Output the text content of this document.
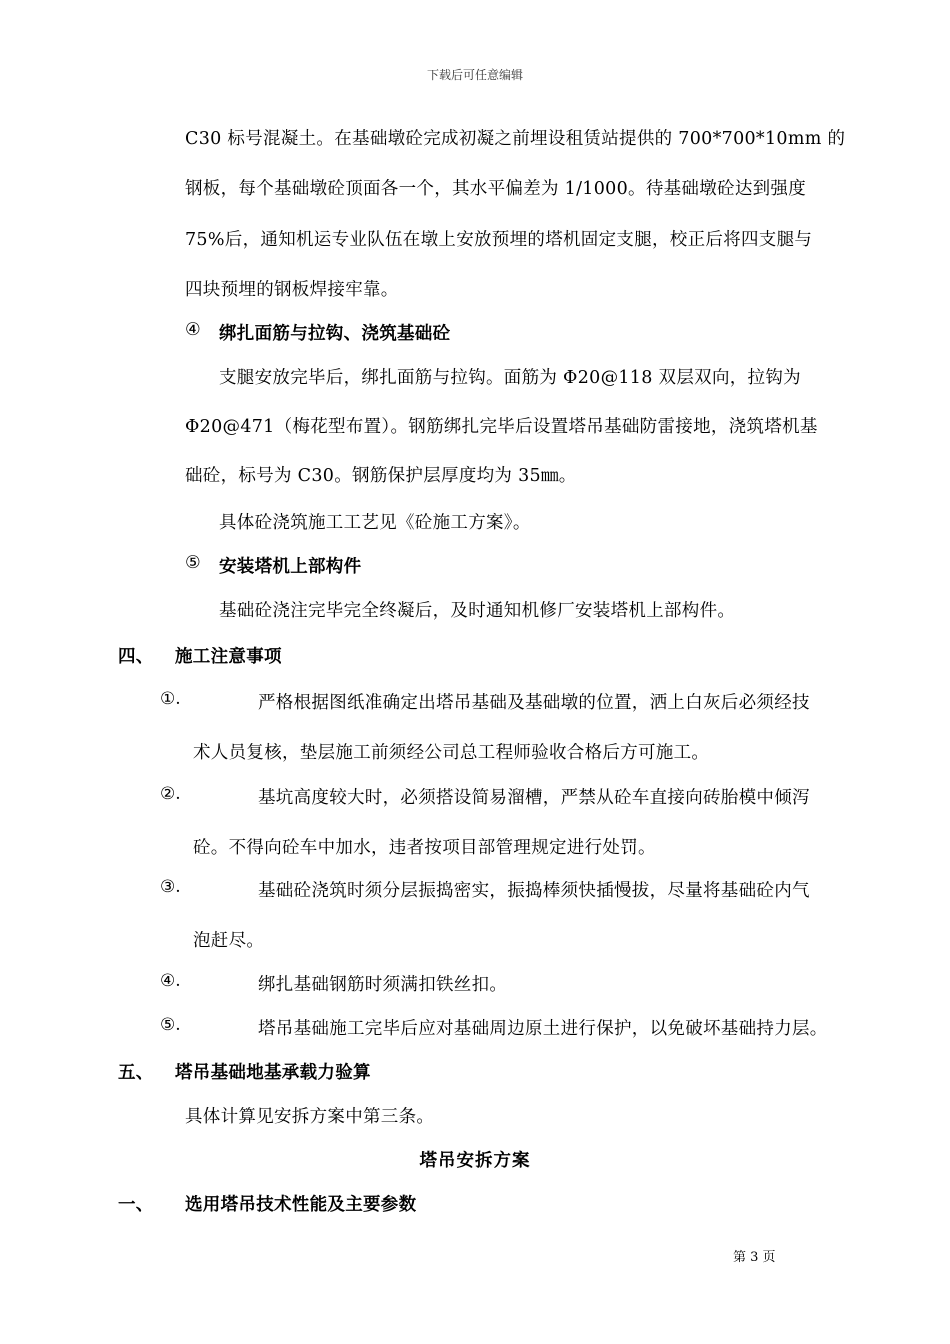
下载后可任意编辑
C30 标号混凝土。在基础墩砼完成初凝之前埋设租赁站提供的 700*700*10mm 的
钢板，每个基础墩砼顶面各一个，其水平偏差为 1/1000。待基础墩砼达到强度
75%后，通知机运专业队伍在墩上安放预埋的塔机固定支腿，校正后将四支腿与
四块预埋的钢板焊接牢靠。
④ 绑扎面筋与拉钩、浇筑基础砼
支腿安放完毕后，绑扎面筋与拉钩。面筋为 Φ20@118 双层双向，拉钩为
Φ20@471（梅花型布置）。钢筋绑扎完毕后设置塔吊基础防雷接地，浇筑塔机基
础砼，标号为 C30。钢筋保护层厚度均为 35㎜。
具体砼浇筑施工工艺见《砼施工方案》。
⑤ 安装塔机上部构件
基础砼浇注完毕完全终凝后，及时通知机修厂安装塔机上部构件。
四、 施工注意事项
①.	严格根据图纸准确定出塔吊基础及基础墩的位置，洒上白灰后必须经技
术人员复核，垫层施工前须经公司总工程师验收合格后方可施工。
②.	基坑高度较大时，必须搭设简易溜槽，严禁从砼车直接向砖胎模中倾泻
砼。不得向砼车中加水，违者按项目部管理规定进行处罚。
③.	基础砼浇筑时须分层振捣密实，振捣棒须快插慢拔，尽量将基础砼内气
泡赶尽。
④.	绑扎基础钢筋时须满扣铁丝扣。
⑤.	塔吊基础施工完毕后应对基础周边原土进行保护，以免破坏基础持力层。
五、 塔吊基础地基承载力验算
具体计算见安拆方案中第三条。
塔吊安拆方案
一、 选用塔吊技术性能及主要参数
第 3 页
